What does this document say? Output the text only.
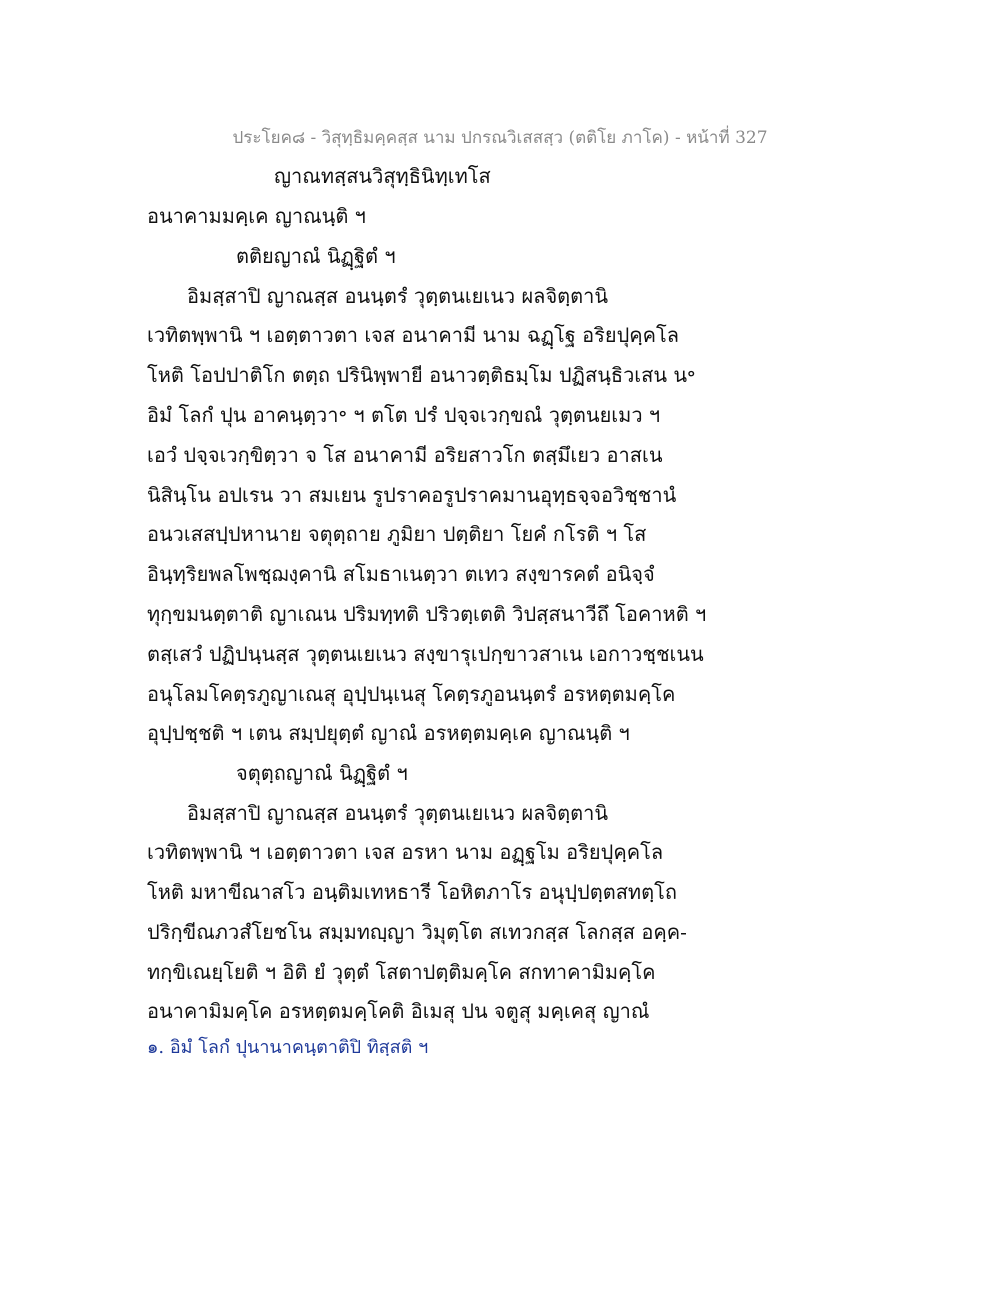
ประโยค๘ - วิสุทฺธิมคฺคสฺส นาม ปกรณวิเสสสฺว (ตติโย ภาโค) - หน้าที่ 327
ญาณทสฺสนวิสุทฺธินิทฺเทโส
อนาคามมคฺเค ญาณนฺติ ฯ
ตติยญาณํ นิฏฺฐิตํ ฯ
อิมสฺสาปิ ญาณสฺส อนนฺตรํ วุตฺตนเยเนว ผลจิตฺตานิ
เวทิตพฺพานิ ฯ เอตฺตาวตา เจส อนาคามี นาม ฉฏฺโฐ อริยปุคฺคโล
โหติ โอปปาติโก ตตฺถ ปรินิพฺพายี อนาวตฺติธมฺโม ปฏิสนฺธิวเสน น॰
อิมํ โลกํ ปุน อาคนฺตฺวา॰ ฯ ตโต ปรํ ปจฺจเวกฺขณํ วุตฺตนยเมว ฯ
เอวํ ปจฺจเวกฺขิตฺวา จ โส อนาคามี อริยสาวโก ตสฺมึเยว อาสเน
นิสินฺโน อปเรน วา สมเยน รูปราคอรูปราคมานอุทฺธจฺจอวิชฺชานํ
อนวเสสปฺปหานาย จตุตฺถาย ภูมิยา ปตฺติยา โยคํ กโรติ ฯ โส
อินฺทฺริยพลโพชฺฌงฺคานิ สโมธาเนตฺวา ตเทว สงฺขารคตํ อนิจฺจํ
ทุกฺขมนตฺตาติ ญาเณน ปริมทฺทติ ปริวตฺเตติ วิปสฺสนาวีถึ โอคาหติ ฯ
ตสฺเสวํ ปฏิปนฺนสฺส วุตฺตนเยเนว สงฺขารุเปกฺขาวสาเน เอกาวชฺชเนน
อนุโลมโคตฺรภูญาเณสุ อุปฺปนฺเนสุ โคตฺรภูอนนฺตรํ อรหตฺตมคฺโค
อุปฺปชฺชติ ฯ เตน สมฺปยุตฺตํ ญาณํ อรหตฺตมคฺเค ญาณนฺติ ฯ
จตุตฺถญาณํ นิฏฺฐิตํ ฯ
อิมสฺสาปิ ญาณสฺส อนนฺตรํ วุตฺตนเยเนว ผลจิตฺตานิ
เวทิตพฺพานิ ฯ เอตฺตาวตา เจส อรหา นาม อฏฺฐโม อริยปุคฺคโล
โหติ มหาขีณาสโว อนฺติมเทหธารี โอหิตภาโร อนุปฺปตฺตสทตฺโถ
ปริกฺขีณภวสํโยชโน สมฺมทญฺญา วิมุตฺโต สเทวกสฺส โลกสฺส อคฺค-
ทกฺขิเณยฺโยติ ฯ อิติ ยํ วุตฺตํ โสตาปตฺติมคฺโค สกทาคามิมคฺโค
อนาคามิมคฺโค อรหตฺตมคฺโคติ อิเมสุ ปน จตูสุ มคฺเคสุ ญาณํ
๑. อิมํ โลกํ ปุนานาคนฺตาติปิ ทิสฺสติ ฯ
